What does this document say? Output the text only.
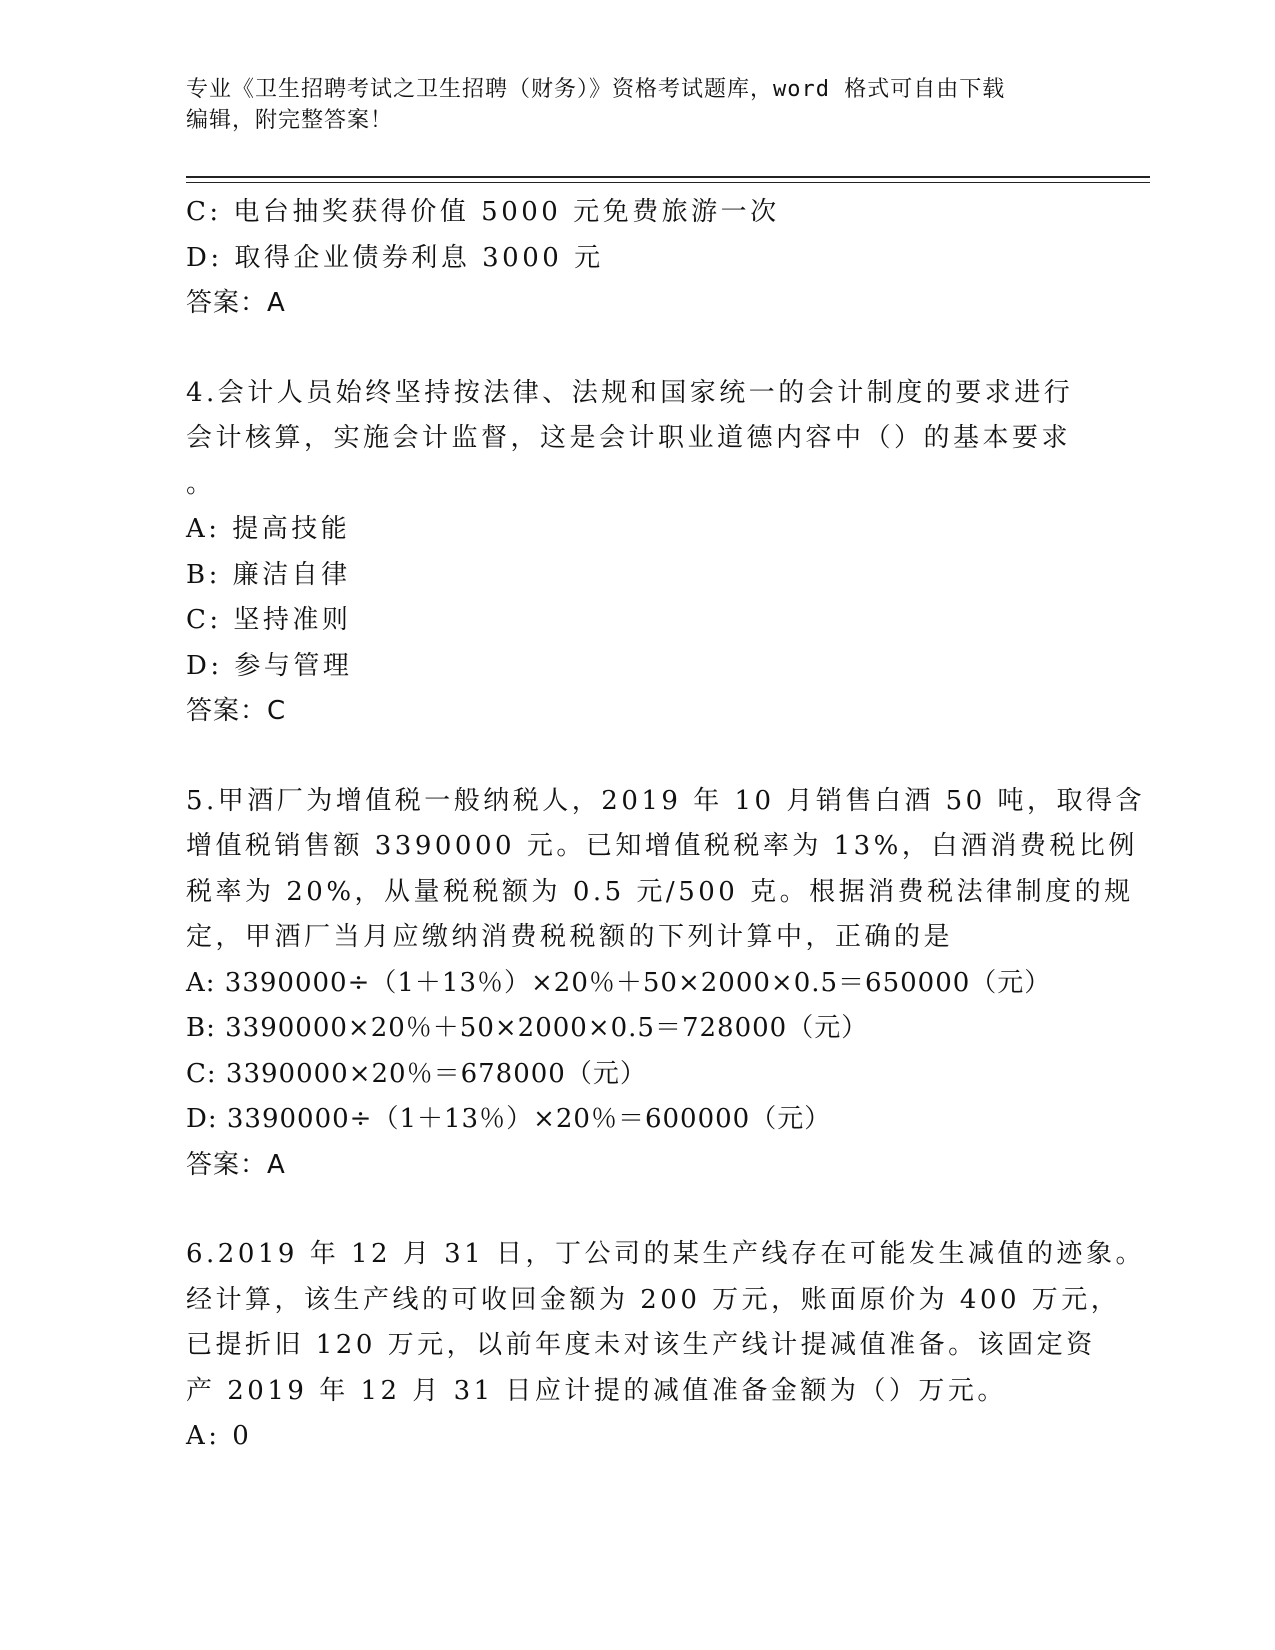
专业《卫生招聘考试之卫生招聘（财务）》资格考试题库，word 格式可自由下载
编辑，附完整答案！
C: 电台抽奖获得价值 5000 元免费旅游一次
D: 取得企业债券利息 3000 元
答案：A
4.会计人员始终坚持按法律、法规和国家统一的会计制度的要求进行
会计核算，实施会计监督，这是会计职业道德内容中（）的基本要求
。
A: 提高技能
B: 廉洁自律
C: 坚持准则
D: 参与管理
答案：C
5.甲酒厂为增值税一般纳税人，2019 年 10 月销售白酒 50 吨，取得含
增值税销售额 3390000 元。已知增值税税率为 13%，白酒消费税比例
税率为 20%，从量税税额为 0.5 元/500 克。根据消费税法律制度的规
定，甲酒厂当月应缴纳消费税税额的下列计算中，正确的是
A: 3390000÷（1＋13％）×20％＋50×2000×0.5＝650000（元）
B: 3390000×20％＋50×2000×0.5＝728000（元）
C: 3390000×20％＝678000（元）
D: 3390000÷（1＋13％）×20％＝600000（元）
答案：A
6.2019 年 12 月 31 日，丁公司的某生产线存在可能发生减值的迹象。
经计算，该生产线的可收回金额为 200 万元，账面原价为 400 万元，
已提折旧 120 万元，以前年度未对该生产线计提减值准备。该固定资
产 2019 年 12 月 31 日应计提的减值准备金额为（）万元。
A: 0
